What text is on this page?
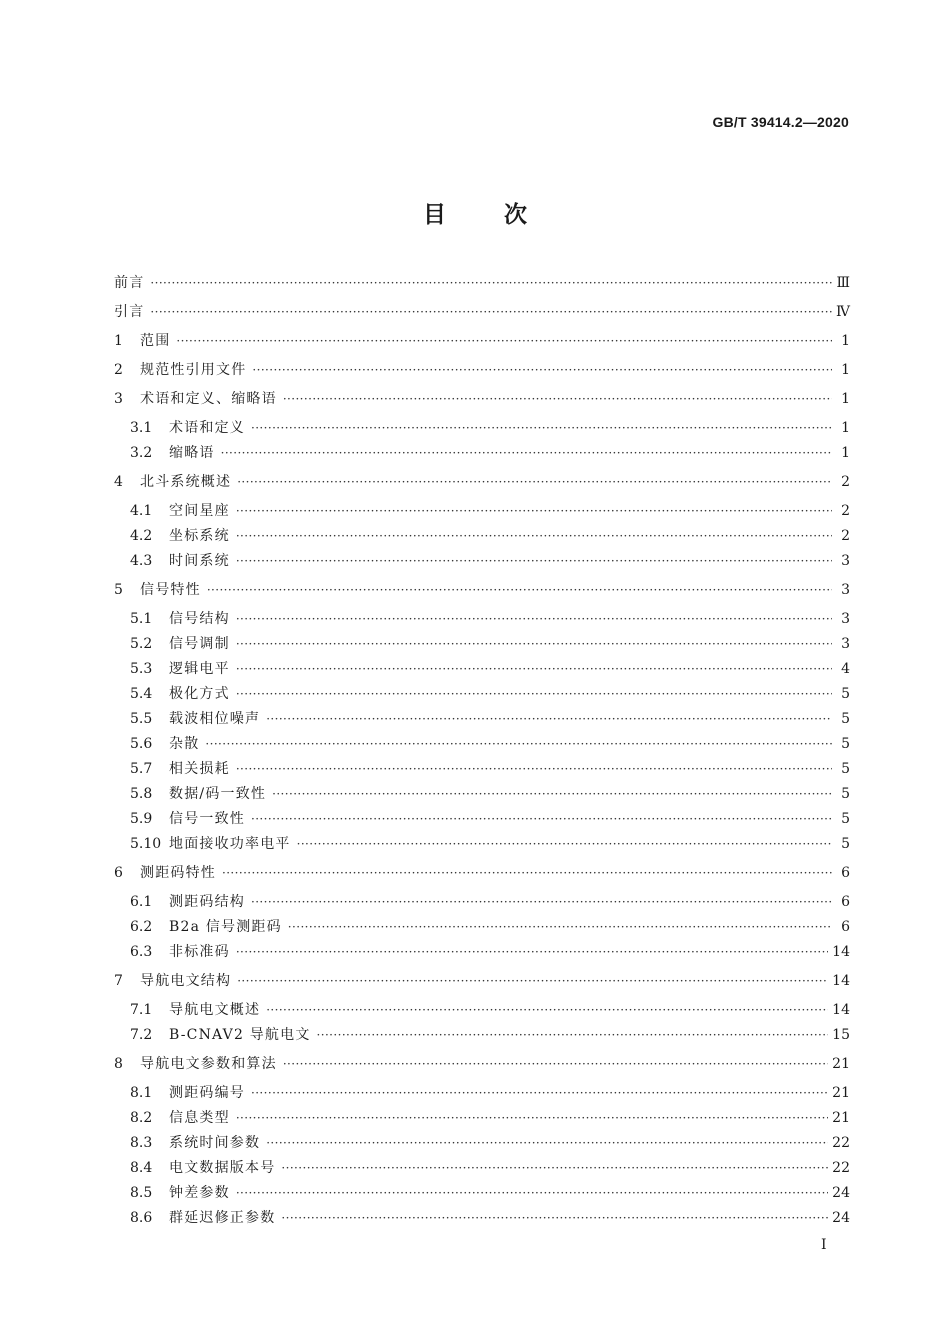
GB/T 39414.2—2020
目	次
前言 ·····	Ⅲ
引言 ·····	Ⅳ
1	范围 ·····	1
2	规范性引用文件 ·····	1
3	术语和定义、缩略语 ·····	1
3.1	术语和定义 ·····	1
3.2	缩略语 ·····	1
4	北斗系统概述 ·····	2
4.1	空间星座 ·····	2
4.2	坐标系统 ·····	2
4.3	时间系统 ·····	3
5	信号特性 ·····	3
5.1	信号结构 ·····	3
5.2	信号调制 ·····	3
5.3	逻辑电平 ·····	4
5.4	极化方式 ·····	5
5.5	载波相位噪声 ·····	5
5.6	杂散 ·····	5
5.7	相关损耗 ·····	5
5.8	数据/码一致性 ·····	5
5.9	信号一致性 ·····	5
5.10 地面接收功率电平 ·····	5
6	测距码特性 ·····	6
6.1	测距码结构 ·····	6
6.2	B2a 信号测距码 ·····	6
6.3	非标准码 ·····	14
7	导航电文结构 ·····	14
7.1	导航电文概述 ·····	14
7.2	B-CNAV2 导航电文 ·····	15
8	导航电文参数和算法 ·····	21
8.1	测距码编号 ·····	21
8.2	信息类型 ·····	21
8.3	系统时间参数 ·····	22
8.4	电文数据版本号 ·····	22
8.5	钟差参数 ·····	24
8.6	群延迟修正参数 ·····	24
I
